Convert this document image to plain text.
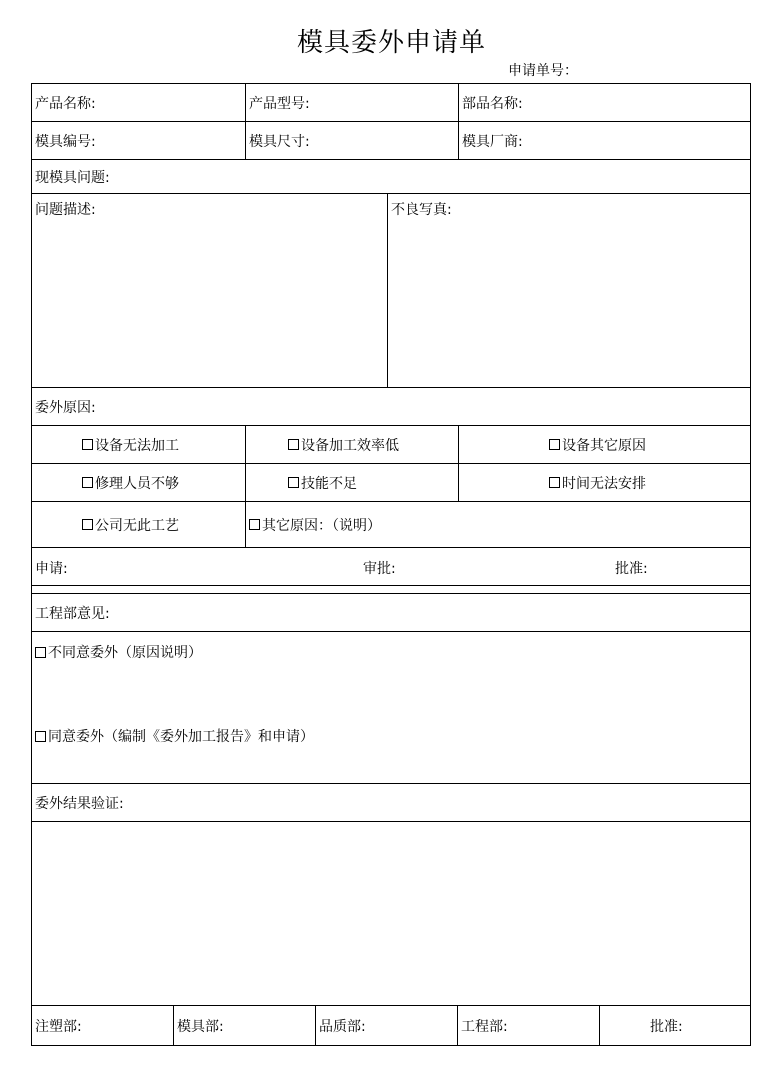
模具委外申请单
申请单号：
产品名称:	产品型号:	部品名称:
模具编号:	模具尺寸:	模具厂商:
现模具问题:
问题描述:	不良写真:
委外原因:
设备无法加工	设备加工效率低	设备其它原因
修理人员不够	技能不足	时间无法安排
公司无此工艺	其它原因：（说明）
申请:	审批:	批准:
工程部意见:
不同意委外（原因说明）
同意委外（编制《委外加工报告》和申请）
委外结果验证:
注塑部:	模具部:	品质部:	工程部:	批准:
